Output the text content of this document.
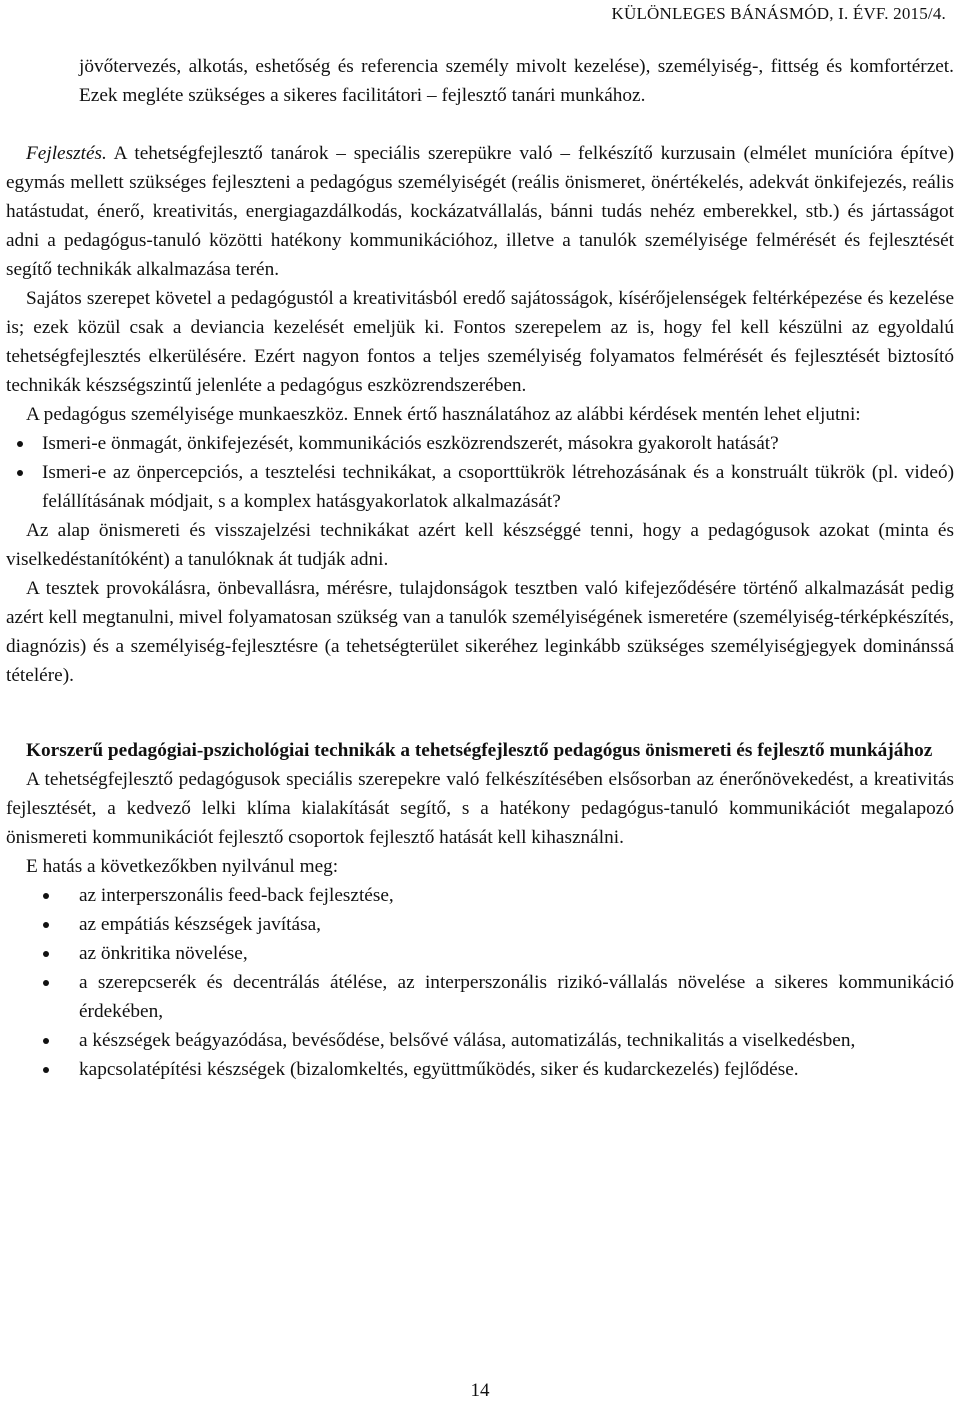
KÜLÖNLEGES BÁNÁSMÓD, I. ÉVF. 2015/4.

jövőtervezés, alkotás, eshetőség és referencia személy mivolt kezelése), személyiség-, fittség és komfortérzet. Ezek megléte szükséges a sikeres facilitátori – fejlesztő tanári munkához.

Fejlesztés. A tehetségfejlesztő tanárok – speciális szerepükre való – felkészítő kurzusain (elmélet munícióra építve) egymás mellett szükséges fejleszteni a pedagógus személyiségét (reális önismeret, önértékelés, adekvát önkifejezés, reális hatástudat, énerő, kreativitás, energiagazdálkodás, kockázatvállalás, bánni tudás nehéz emberekkel, stb.) és jártasságot adni a pedagógus-tanuló közötti hatékony kommunikációhoz, illetve a tanulók személyisége felmérését és fejlesztését segítő technikák alkalmazása terén.

Sajátos szerepet követel a pedagógustól a kreativitásból eredő sajátosságok, kísérőjelenségek feltérképezése és kezelése is; ezek közül csak a deviancia kezelését emeljük ki. Fontos szerepelem az is, hogy fel kell készülni az egyoldalú tehetségfejlesztés elkerülésére. Ezért nagyon fontos a teljes személyiség folyamatos felmérését és fejlesztését biztosító technikák készségszintű jelenléte a pedagógus eszközrendszerében.

A pedagógus személyisége munkaeszköz. Ennek értő használatához az alábbi kérdések mentén lehet eljutni:

Ismeri-e önmagát, önkifejezését, kommunikációs eszközrendszerét, másokra gyakorolt hatását?
Ismeri-e az önpercepciós, a tesztelési technikákat, a csoporttükrök létrehozásának és a konstruált tükrök (pl. videó) felállításának módjait, s a komplex hatásgyakorlatok alkalmazását?

Az alap önismereti és visszajelzési technikákat azért kell készséggé tenni, hogy a pedagógusok azokat (minta és viselkedéstanítóként) a tanulóknak át tudják adni.

A tesztek provokálásra, önbevallásra, mérésre, tulajdonságok tesztben való kifejeződésére történő alkalmazását pedig azért kell megtanulni, mivel folyamatosan szükség van a tanulók személyiségének ismeretére (személyiség-térképkészítés, diagnózis) és a személyiség-fejlesztésre (a tehetségterület sikeréhez leginkább szükséges személyiségjegyek dominánssá tételére).

Korszerű pedagógiai-pszichológiai technikák a tehetségfejlesztő pedagógus önismereti és fejlesztő munkájához

A tehetségfejlesztő pedagógusok speciális szerepekre való felkészítésében elsősorban az énerőnövekedést, a kreativitás fejlesztését, a kedvező lelki klíma kialakítását segítő, s a hatékony pedagógus-tanuló kommunikációt megalapozó önismereti kommunikációt fejlesztő csoportok fejlesztő hatását kell kihasználni.

E hatás a következőkben nyilvánul meg:

az interperszonális feed-back fejlesztése,
az empátiás készségek javítása,
az önkritika növelése,
a szerepcserék és decentrálás átélése, az interperszonális rizikó-vállalás növelése a sikeres kommunikáció érdekében,
a készségek beágyazódása, bevésődése, belsővé válása, automatizálás, technikalitás a viselkedésben,
kapcsolatépítési készségek (bizalomkeltés, együttműködés, siker és kudarckezelés) fejlődése.
14
